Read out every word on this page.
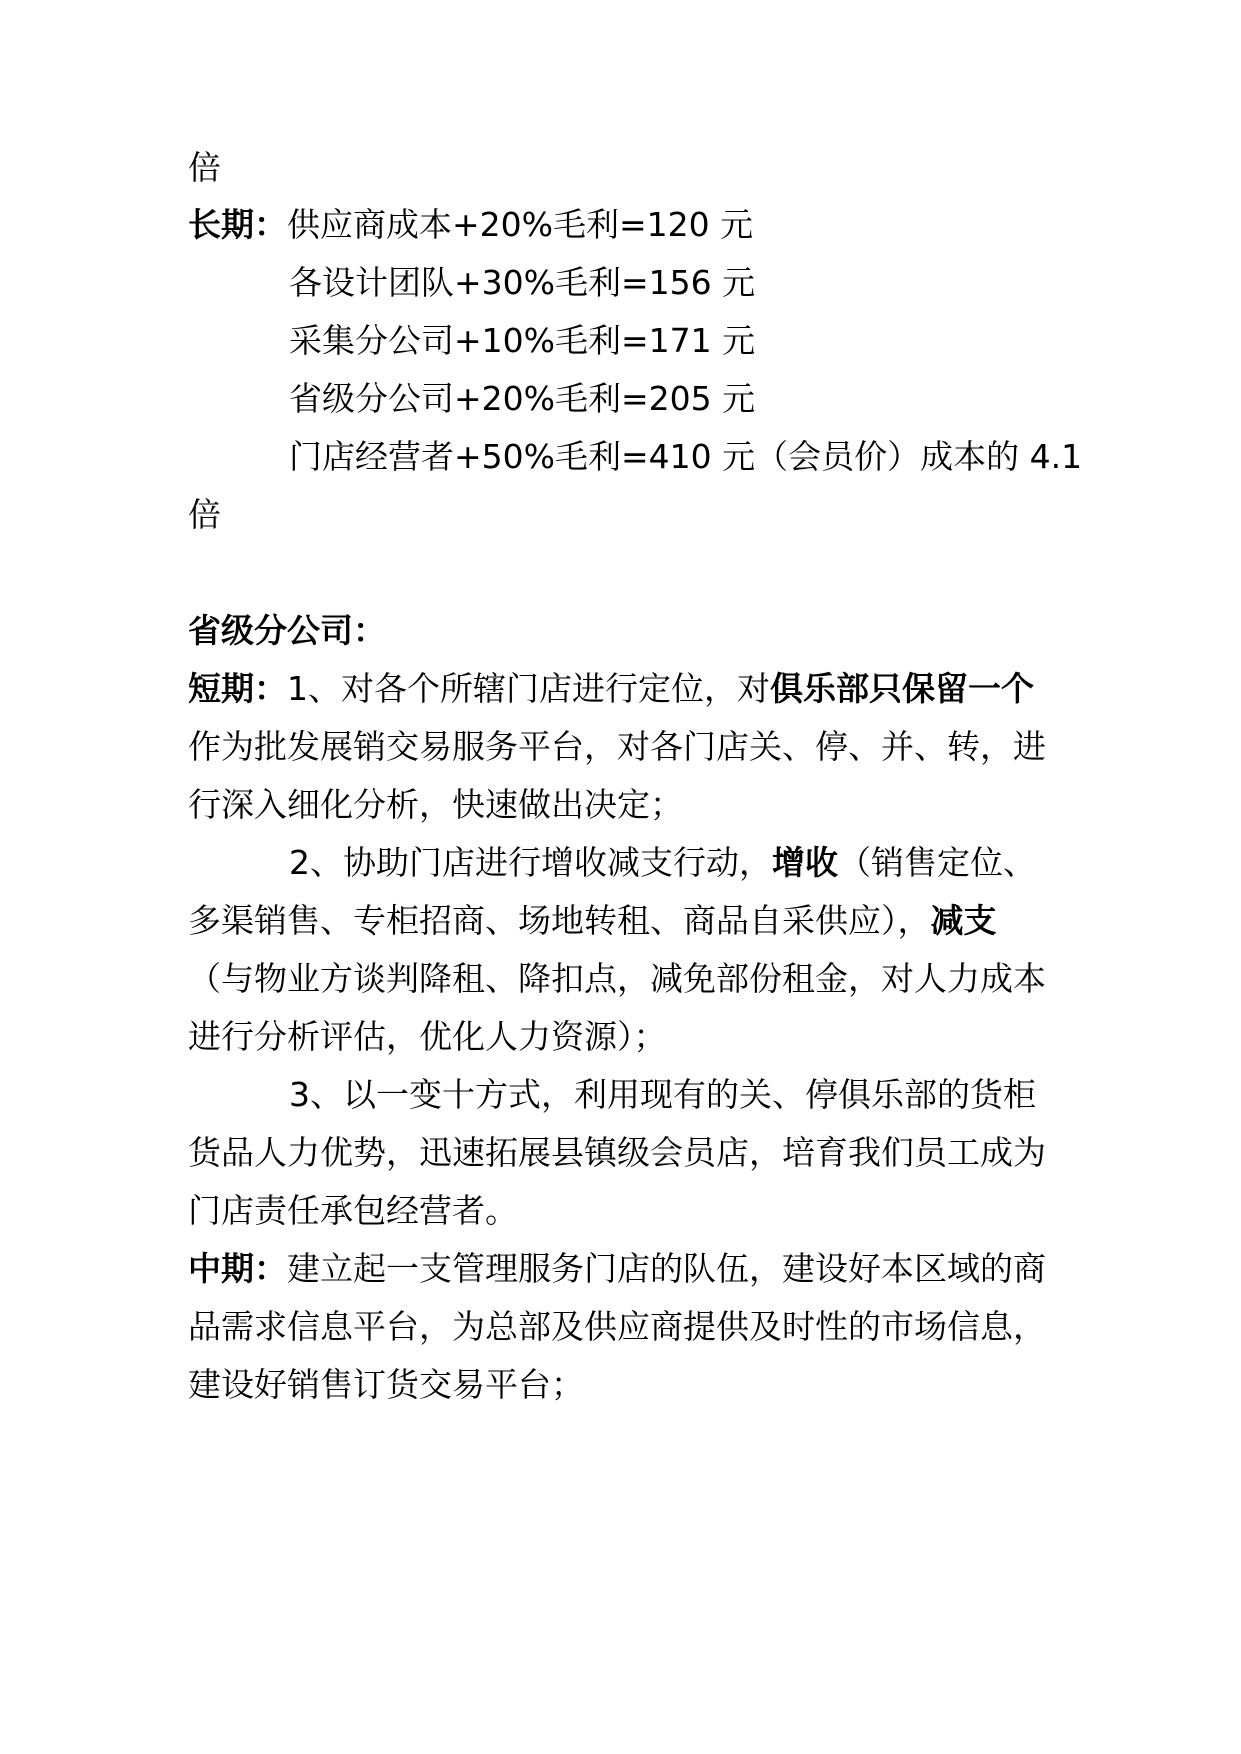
倍
长期：供应商成本+20%毛利=120 元
各设计团队+30%毛利=156 元
采集分公司+10%毛利=171 元
省级分公司+20%毛利=205 元
门店经营者+50%毛利=410 元（会员价）成本的 4.1
倍
省级分公司：
短期：1、对各个所辖门店进行定位，对俱乐部只保留一个
作为批发展销交易服务平台，对各门店关、停、并、转，进
行深入细化分析，快速做出决定；
2、协助门店进行增收减支行动，增收（销售定位、
多渠销售、专柜招商、场地转租、商品自采供应），减支
（与物业方谈判降租、降扣点，减免部份租金，对人力成本
进行分析评估，优化人力资源）；
3、以一变十方式，利用现有的关、停俱乐部的货柜
货品人力优势，迅速拓展县镇级会员店，培育我们员工成为
门店责任承包经营者。
中期：建立起一支管理服务门店的队伍，建设好本区域的商
品需求信息平台，为总部及供应商提供及时性的市场信息，
建设好销售订货交易平台；
